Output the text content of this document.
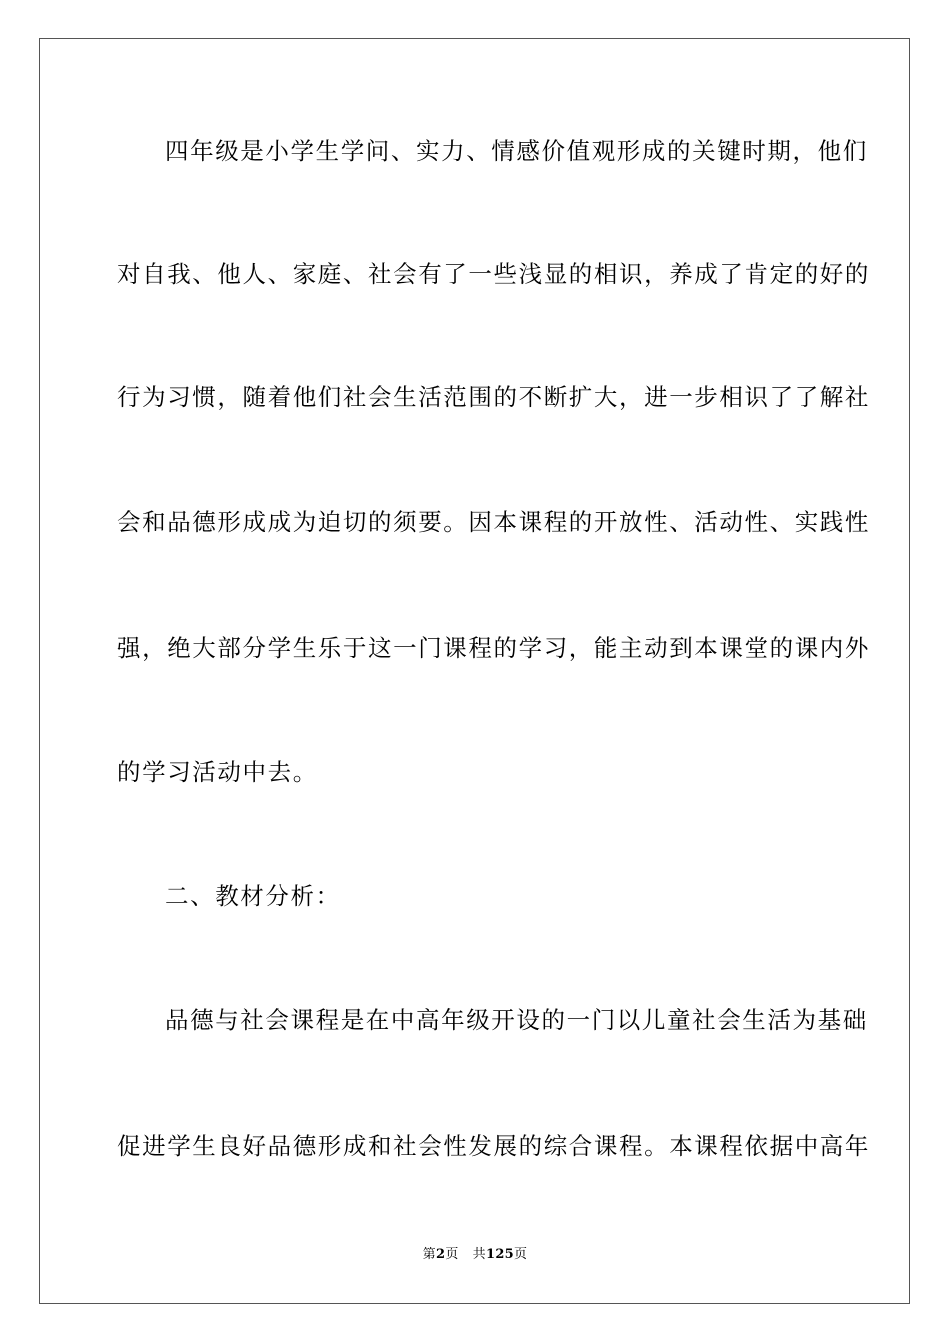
四年级是小学生学问、实力、情感价值观形成的关键时期，他们
对自我、他人、家庭、社会有了一些浅显的相识，养成了肯定的好的
行为习惯，随着他们社会生活范围的不断扩大，进一步相识了了解社
会和品德形成成为迫切的须要。因本课程的开放性、活动性、实践性
强，绝大部分学生乐于这一门课程的学习，能主动到本课堂的课内外
的学习活动中去。
二、教材分析：
品德与社会课程是在中高年级开设的一门以儿童社会生活为基础
促进学生良好品德形成和社会性发展的综合课程。本课程依据中高年
第2页 共125页
